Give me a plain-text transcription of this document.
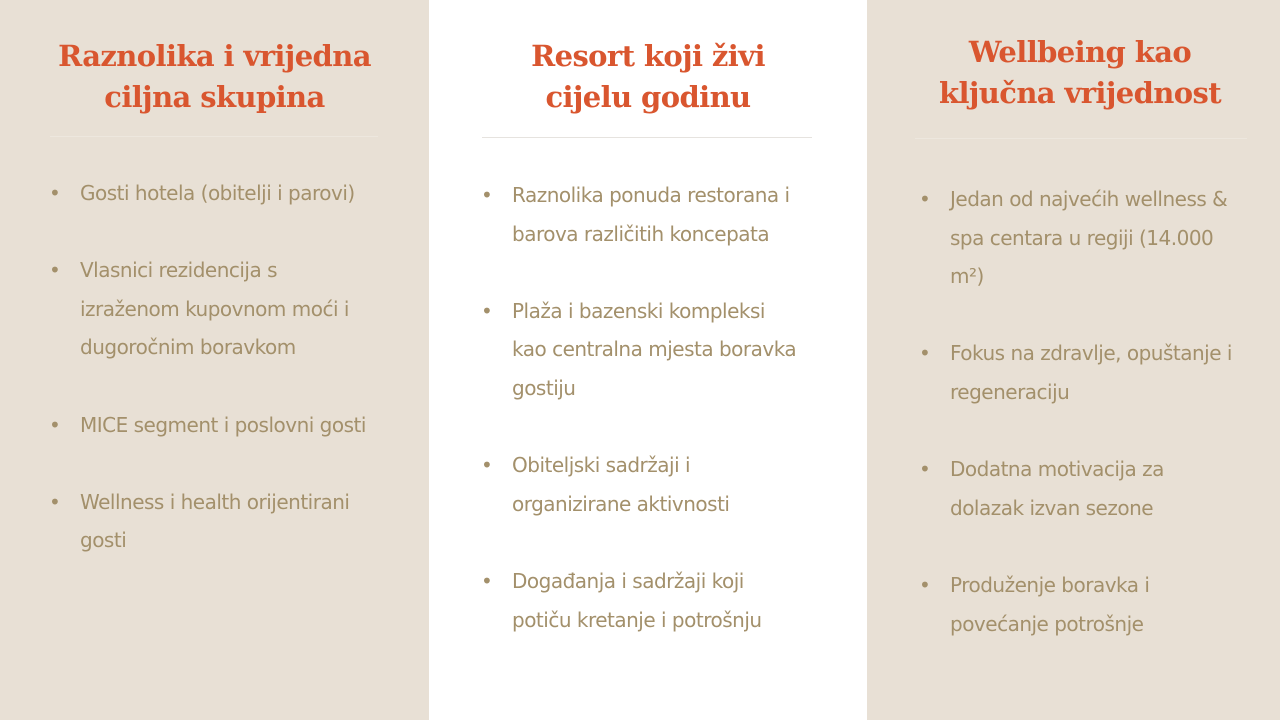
Raznolika i vrijedna
ciljna skupina
• Gosti hotela (obitelji i parovi)
• Vlasnici rezidencija s
izraženom kupovnom moći i
dugoročnim boravkom
• MICE segment i poslovni gosti
• Wellness i health orijentirani
gosti
Resort koji živi
cijelu godinu
• Raznolika ponuda restorana i
barova različitih koncepata
• Plaža i bazenski kompleksi
kao centralna mjesta boravka
gostiju
• Obiteljski sadržaji i
organizirane aktivnosti
• Događanja i sadržaji koji
potiču kretanje i potrošnju
Wellbeing kao
ključna vrijednost
• Jedan od najvećih wellness &
spa centara u regiji (14.000
m²)
• Fokus na zdravlje, opuštanje i
regeneraciju
• Dodatna motivacija za
dolazak izvan sezone
• Produženje boravka i
povećanje potrošnje
